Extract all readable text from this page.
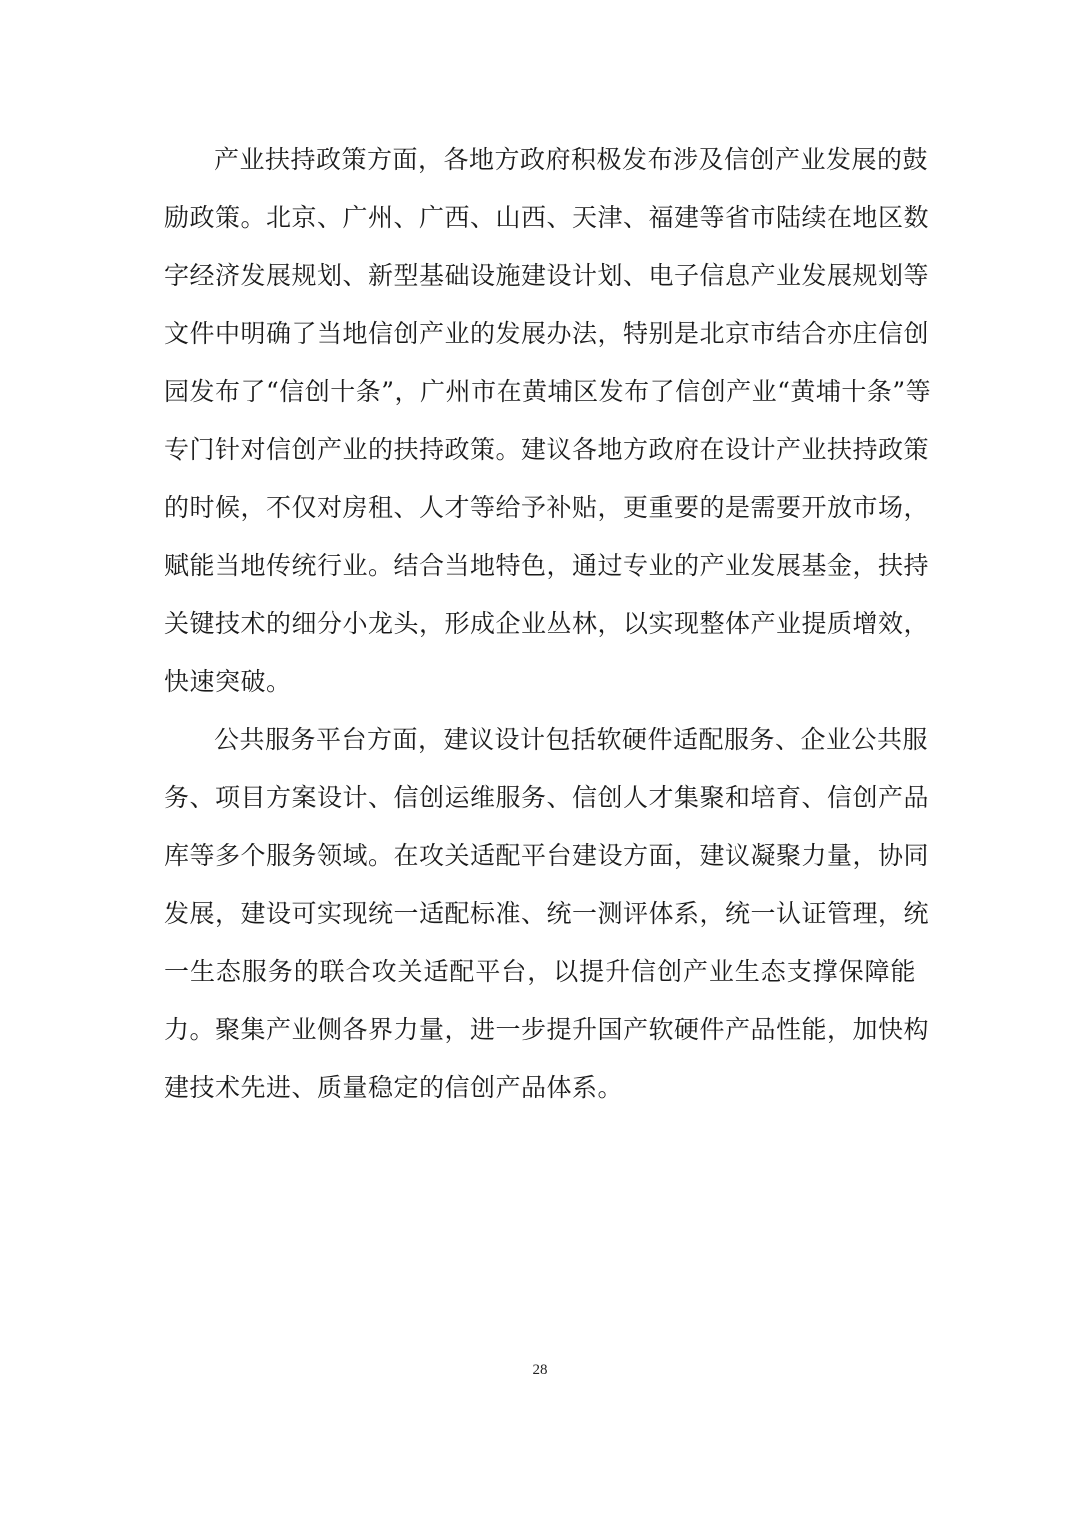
产业扶持政策方面，各地方政府积极发布涉及信创产业发展的鼓
励政策。北京、广州、广西、山西、天津、福建等省市陆续在地区数
字经济发展规划、新型基础设施建设计划、电子信息产业发展规划等
文件中明确了当地信创产业的发展办法，特别是北京市结合亦庄信创
园发布了“信创十条”，广州市在黄埔区发布了信创产业“黄埔十条”等
专门针对信创产业的扶持政策。建议各地方政府在设计产业扶持政策
的时候，不仅对房租、人才等给予补贴，更重要的是需要开放市场，
赋能当地传统行业。结合当地特色，通过专业的产业发展基金，扶持
关键技术的细分小龙头，形成企业丛林，以实现整体产业提质增效，
快速突破。
公共服务平台方面，建议设计包括软硬件适配服务、企业公共服
务、项目方案设计、信创运维服务、信创人才集聚和培育、信创产品
库等多个服务领域。在攻关适配平台建设方面，建议凝聚力量，协同
发展，建设可实现统一适配标准、统一测评体系，统一认证管理，统
一生态服务的联合攻关适配平台，以提升信创产业生态支撑保障能
力。聚集产业侧各界力量，进一步提升国产软硬件产品性能，加快构
建技术先进、质量稳定的信创产品体系。
28
